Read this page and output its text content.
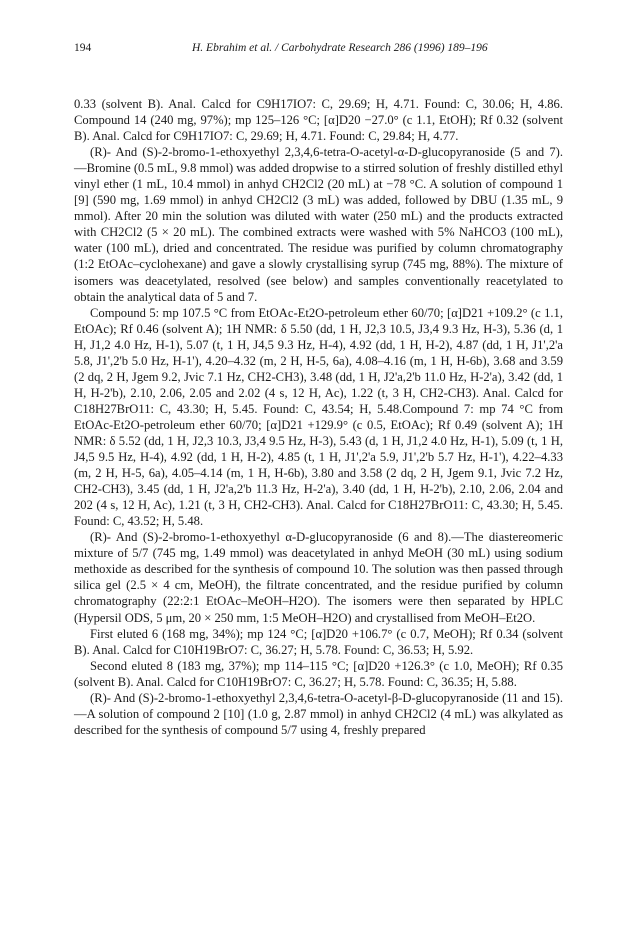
194	H. Ebrahim et al. / Carbohydrate Research 286 (1996) 189–196

0.33 (solvent B). Anal. Calcd for C9H17IO7: C, 29.69; H, 4.71. Found: C, 30.06; H, 4.86. Compound 14 (240 mg, 97%); mp 125–126 °C; [α]D20 −27.0° (c 1.1, EtOH); Rf 0.32 (solvent B). Anal. Calcd for C9H17IO7: C, 29.69; H, 4.71. Found: C, 29.84; H, 4.77.

(R)- And (S)-2-bromo-1-ethoxyethyl 2,3,4,6-tetra-O-acetyl-α-D-glucopyranoside (5 and 7).—Bromine (0.5 mL, 9.8 mmol) was added dropwise to a stirred solution of freshly distilled ethyl vinyl ether (1 mL, 10.4 mmol) in anhyd CH2Cl2 (20 mL) at −78 °C. A solution of compound 1 [9] (590 mg, 1.69 mmol) in anhyd CH2Cl2 (3 mL) was added, followed by DBU (1.35 mL, 9 mmol). After 20 min the solution was diluted with water (250 mL) and the products extracted with CH2Cl2 (5 × 20 mL). The combined extracts were washed with 5% NaHCO3 (100 mL), water (100 mL), dried and concentrated. The residue was purified by column chromatography (1:2 EtOAc–cyclohexane) and gave a slowly crystallising syrup (745 mg, 88%). The mixture of isomers was deacetylated, resolved (see below) and samples conventionally reacetylated to obtain the analytical data of 5 and 7.

Compound 5: mp 107.5 °C from EtOAc-Et2O-petroleum ether 60/70; [α]D21 +109.2° (c 1.1, EtOAc); Rf 0.46 (solvent A); 1H NMR: δ 5.50 (dd, 1 H, J2,3 10.5, J3,4 9.3 Hz, H-3), 5.36 (d, 1 H, J1,2 4.0 Hz, H-1), 5.07 (t, 1 H, J4,5 9.3 Hz, H-4), 4.92 (dd, 1 H, H-2), 4.87 (dd, 1 H, J1',2'a 5.8, J1',2'b 5.0 Hz, H-1'), 4.20–4.32 (m, 2 H, H-5, 6a), 4.08–4.16 (m, 1 H, H-6b), 3.68 and 3.59 (2 dq, 2 H, Jgem 9.2, Jvic 7.1 Hz, CH2-CH3), 3.48 (dd, 1 H, J2'a,2'b 11.0 Hz, H-2'a), 3.42 (dd, 1 H, H-2'b), 2.10, 2.06, 2.05 and 2.02 (4 s, 12 H, Ac), 1.22 (t, 3 H, CH2-CH3). Anal. Calcd for C18H27BrO11: C, 43.30; H, 5.45. Found: C, 43.54; H, 5.48.Compound 7: mp 74 °C from EtOAc-Et2O-petroleum ether 60/70; [α]D21 +129.9° (c 0.5, EtOAc); Rf 0.49 (solvent A); 1H NMR: δ 5.52 (dd, 1 H, J2,3 10.3, J3,4 9.5 Hz, H-3), 5.43 (d, 1 H, J1,2 4.0 Hz, H-1), 5.09 (t, 1 H, J4,5 9.5 Hz, H-4), 4.92 (dd, 1 H, H-2), 4.85 (t, 1 H, J1',2'a 5.9, J1',2'b 5.7 Hz, H-1'), 4.22–4.33 (m, 2 H, H-5, 6a), 4.05–4.14 (m, 1 H, H-6b), 3.80 and 3.58 (2 dq, 2 H, Jgem 9.1, Jvic 7.2 Hz, CH2-CH3), 3.45 (dd, 1 H, J2'a,2'b 11.3 Hz, H-2'a), 3.40 (dd, 1 H, H-2'b), 2.10, 2.06, 2.04 and 202 (4 s, 12 H, Ac), 1.21 (t, 3 H, CH2-CH3). Anal. Calcd for C18H27BrO11: C, 43.30; H, 5.45. Found: C, 43.52; H, 5.48.

(R)- And (S)-2-bromo-1-ethoxyethyl α-D-glucopyranoside (6 and 8).—The diastereomeric mixture of 5/7 (745 mg, 1.49 mmol) was deacetylated in anhyd MeOH (30 mL) using sodium methoxide as described for the synthesis of compound 10. The solution was then passed through silica gel (2.5 × 4 cm, MeOH), the filtrate concentrated, and the residue purified by column chromatography (22:2:1 EtOAc–MeOH–H2O). The isomers were then separated by HPLC (Hypersil ODS, 5 μm, 20 × 250 mm, 1:5 MeOH–H2O) and crystallised from MeOH–Et2O.

First eluted 6 (168 mg, 34%); mp 124 °C; [α]D20 +106.7° (c 0.7, MeOH); Rf 0.34 (solvent B). Anal. Calcd for C10H19BrO7: C, 36.27; H, 5.78. Found: C, 36.53; H, 5.92.

Second eluted 8 (183 mg, 37%); mp 114–115 °C; [α]D20 +126.3° (c 1.0, MeOH); Rf 0.35 (solvent B). Anal. Calcd for C10H19BrO7: C, 36.27; H, 5.78. Found: C, 36.35; H, 5.88.

(R)- And (S)-2-bromo-1-ethoxyethyl 2,3,4,6-tetra-O-acetyl-β-D-glucopyranoside (11 and 15).—A solution of compound 2 [10] (1.0 g, 2.87 mmol) in anhyd CH2Cl2 (4 mL) was alkylated as described for the synthesis of compound 5/7 using 4, freshly prepared
